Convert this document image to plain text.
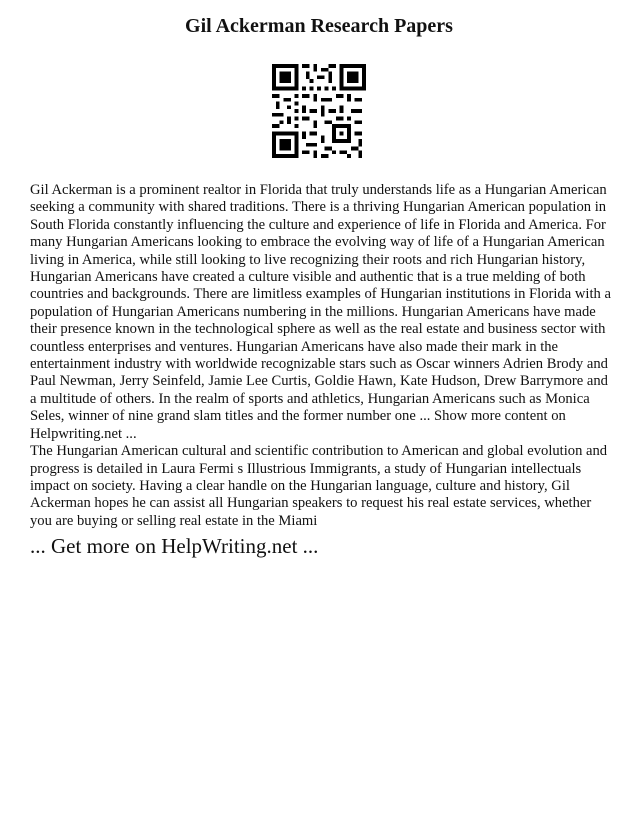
Gil Ackerman Research Papers

Gil Ackerman is a prominent realtor in Florida that truly understands life as a Hungarian American seeking a community with shared traditions. There is a thriving Hungarian American population in South Florida constantly influencing the culture and experience of life in Florida and America. For many Hungarian Americans looking to embrace the evolving way of life of a Hungarian American living in America, while still looking to live recognizing their roots and rich Hungarian history, Hungarian Americans have created a culture visible and authentic that is a true melding of both countries and backgrounds. There are limitless examples of Hungarian institutions in Florida with a population of Hungarian Americans numbering in the millions. Hungarian Americans have made their presence known in the technological sphere as well as the real estate and business sector with countless enterprises and ventures. Hungarian Americans have also made their mark in the entertainment industry with worldwide recognizable stars such as Oscar winners Adrien Brody and Paul Newman, Jerry Seinfeld, Jamie Lee Curtis, Goldie Hawn, Kate Hudson, Drew Barrymore and a multitude of others. In the realm of sports and athletics, Hungarian Americans such as Monica Seles, winner of nine grand slam titles and the former number one ... Show more content on Helpwriting.net ...

The Hungarian American cultural and scientific contribution to American and global evolution and progress is detailed in Laura Fermi s Illustrious Immigrants, a study of Hungarian intellectuals impact on society. Having a clear handle on the Hungarian language, culture and history, Gil Ackerman hopes he can assist all Hungarian speakers to request his real estate services, whether you are buying or selling real estate in the Miami

... Get more on HelpWriting.net ...
